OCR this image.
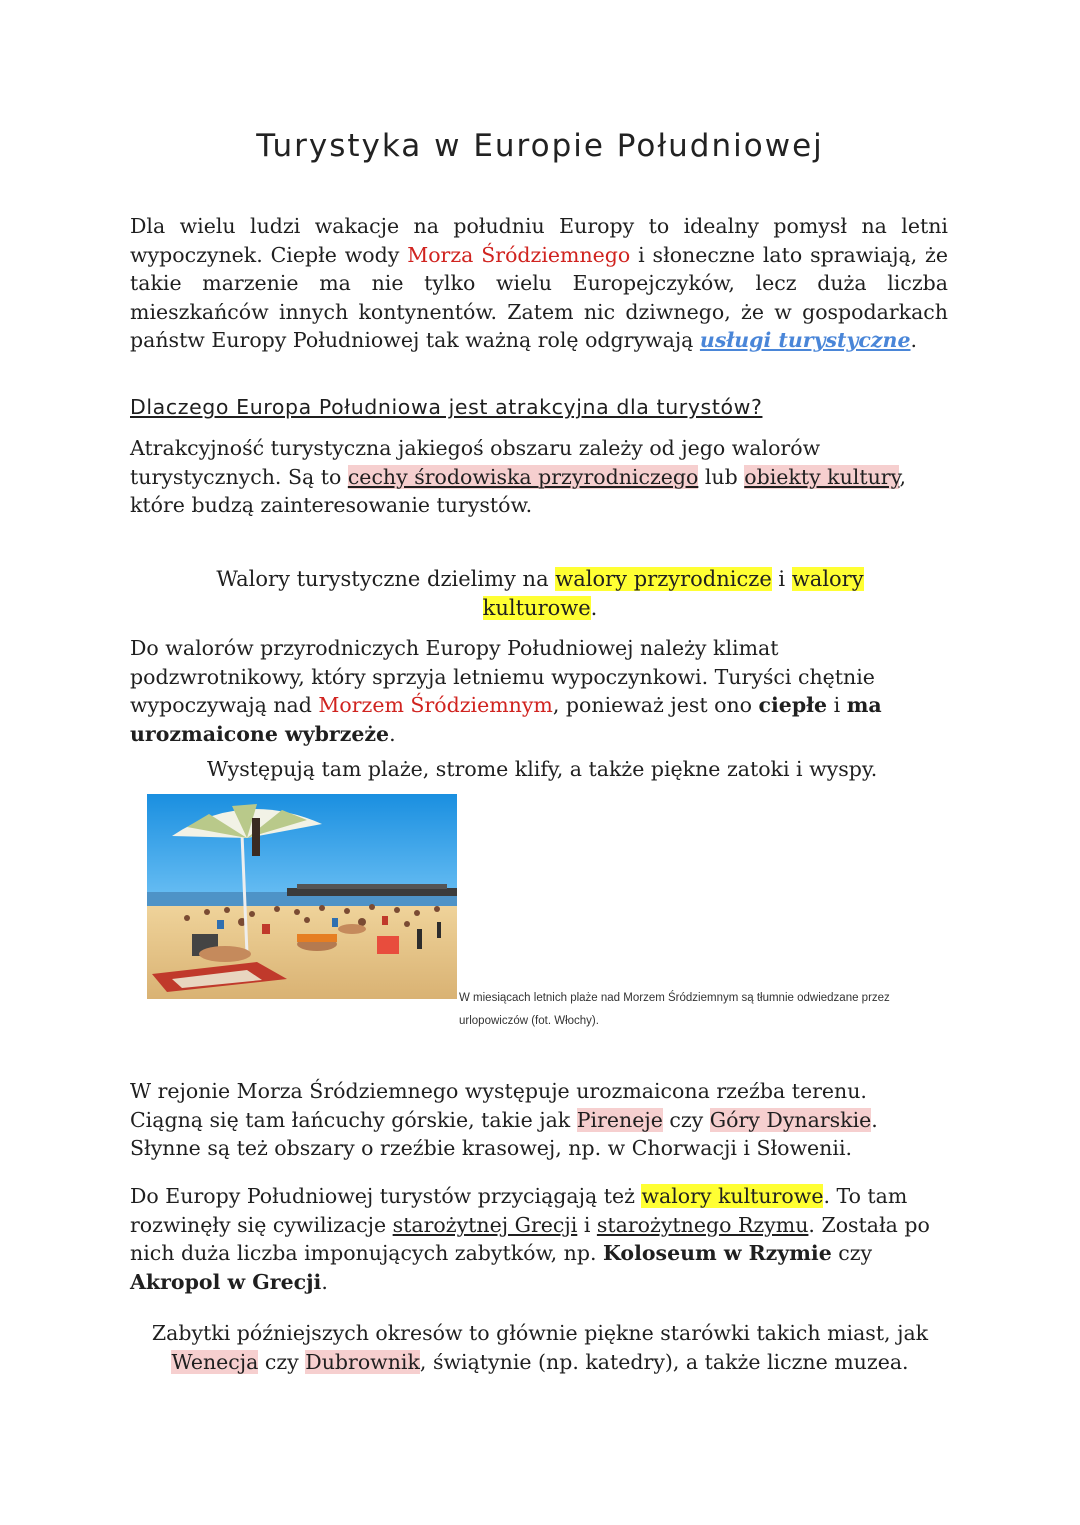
Turystyka w Europie Południowej

Dla wielu ludzi wakacje na południu Europy to idealny pomysł na letni wypoczynek. Ciepłe wody Morza Śródziemnego i słoneczne lato sprawiają, że takie marzenie ma nie tylko wielu Europejczyków, lecz duża liczba mieszkańców innych kontynentów. Zatem nic dziwnego, że w gospodarkach państw Europy Południowej tak ważną rolę odgrywają usługi turystyczne.

Dlaczego Europa Południowa jest atrakcyjna dla turystów?

Atrakcyjność turystyczna jakiegoś obszaru zależy od jego walorów turystycznych. Są to cechy środowiska przyrodniczego lub obiekty kultury, które budzą zainteresowanie turystów.

Walory turystyczne dzielimy na walory przyrodnicze i walory kulturowe.

Do walorów przyrodniczych Europy Południowej należy klimat podzwrotnikowy, który sprzyja letniemu wypoczynkowi. Turyści chętnie wypoczywają nad Morzem Śródziemnym, ponieważ jest ono ciepłe i ma urozmaicone wybrzeże.

Występują tam plaże, strome klify, a także piękne zatoki i wyspy.

W miesiącach letnich plaże nad Morzem Śródziemnym są tłumnie odwiedzane przez urlopowiczów (fot. Włochy).

W rejonie Morza Śródziemnego występuje urozmaicona rzeźba terenu. Ciągną się tam łańcuchy górskie, takie jak Pireneje czy Góry Dynarskie. Słynne są też obszary o rzeźbie krasowej, np. w Chorwacji i Słowenii.

Do Europy Południowej turystów przyciągają też walory kulturowe. To tam rozwinęły się cywilizacje starożytnej Grecji i starożytnego Rzymu. Została po nich duża liczba imponujących zabytków, np. Koloseum w Rzymie czy Akropol w Grecji.

Zabytki późniejszych okresów to głównie piękne starówki takich miast, jak Wenecja czy Dubrownik, świątynie (np. katedry), a także liczne muzea.
